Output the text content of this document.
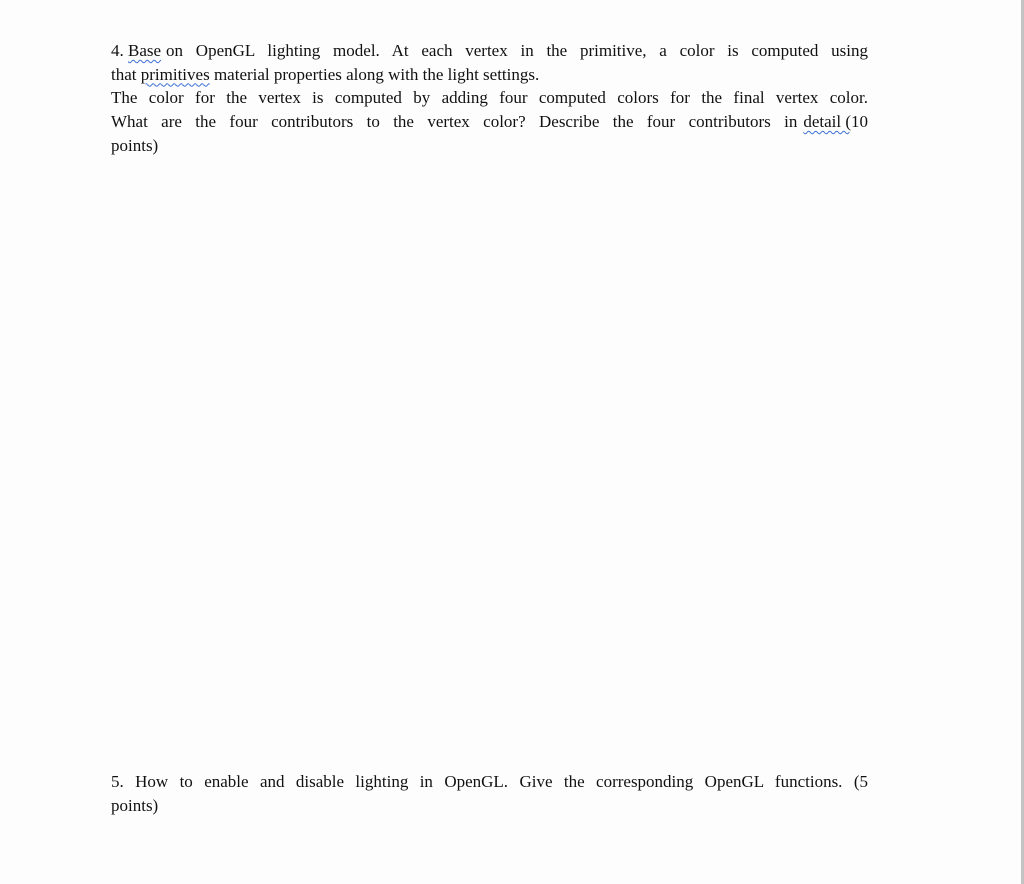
4. Base on OpenGL lighting model. At each vertex in the primitive, a color is computed using
that primitives material properties along with the light settings.
The color for the vertex is computed by adding four computed colors for the final vertex color.
What are the four contributors to the vertex color? Describe the four contributors in detail (10
points)
5. How to enable and disable lighting in OpenGL. Give the corresponding OpenGL functions. (5
points)
